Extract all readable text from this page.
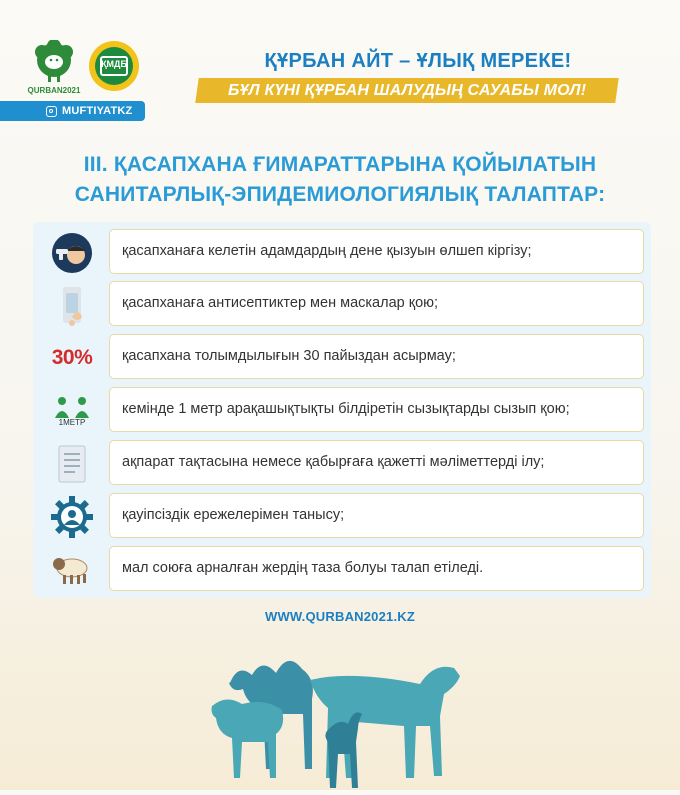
QURBAN2021
ҚМДБ
MUFTIYATKZ
ҚҰРБАН АЙТ – ҰЛЫҚ МЕРЕКЕ!
БҰЛ КҮНІ ҚҰРБАН ШАЛУДЫҢ САУАБЫ МОЛ!
III. ҚАСАПХАНА ҒИМАРАТТАРЫНА ҚОЙЫЛАТЫН
САНИТАРЛЫҚ-ЭПИДЕМИОЛОГИЯЛЫҚ ТАЛАПТАР:
қасапханаға келетін адамдардың дене қызуын өлшеп кіргізу;
қасапханаға антисептиктер мен маскалар қою;
30%	қасапхана толымдылығын 30 пайыздан асырмау;
1МЕТР
кемінде 1 метр арақашықтықты білдіретін сызықтарды сызып қою;
ақпарат тақтасына немесе қабырғаға қажетті мәліметтерді ілу;
қауіпсіздік ережелерімен танысу;
мал союға арналған жердің таза болуы талап етіледі.
WWW.QURBAN2021.KZ
